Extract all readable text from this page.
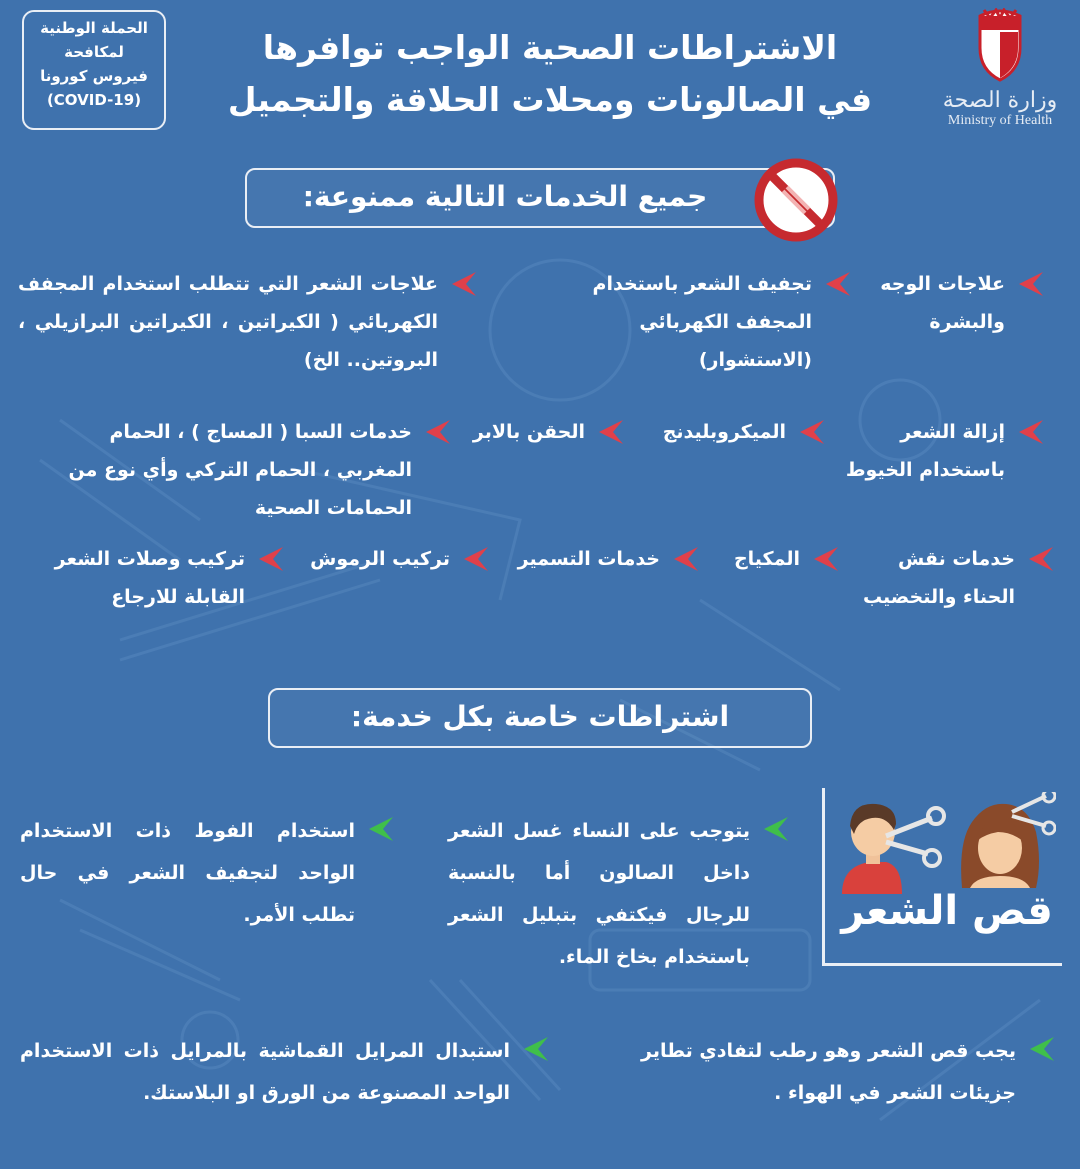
الحملة الوطنية
لمكافحة
فيروس كورونا
(COVID-19)
الاشتراطات الصحية الواجب توافرها
في الصالونات ومحلات الحلاقة والتجميل	وزارة الصحة
Ministry of Health
جميع الخدمات التالية ممنوعة:
علاجات الوجه والبشرة
تجفيف الشعر باستخدام المجفف الكهربائي (الاستشوار)
علاجات الشعر التي تتطلب استخدام المجفف الكهربائي ( الكيراتين ، الكيراتين البرازيلي ، البروتين.. الخ)
إزالة الشعر باستخدام الخيوط
الميكروبليدنج
الحقن بالابر
خدمات السبا ( المساج ) ، الحمام المغربي ، الحمام التركي وأي نوع من الحمامات الصحية
خدمات نقش الحناء والتخضيب
المكياج
خدمات التسمير
تركيب الرموش
تركيب وصلات الشعر القابلة للارجاع
اشتراطات خاصة بكل خدمة:
قص الشعر
يتوجب على النساء غسل الشعر داخل الصالون أما بالنسبة للرجال فيكتفي بتبليل الشعر باستخدام بخاخ الماء.
استخدام الفوط ذات الاستخدام الواحد لتجفيف الشعر في حال تطلب الأمر.
يجب قص الشعر وهو رطب لتفادي تطاير جزيئات الشعر في الهواء .
استبدال المرايل القماشية بالمرايل ذات الاستخدام الواحد المصنوعة من الورق او البلاستك.
